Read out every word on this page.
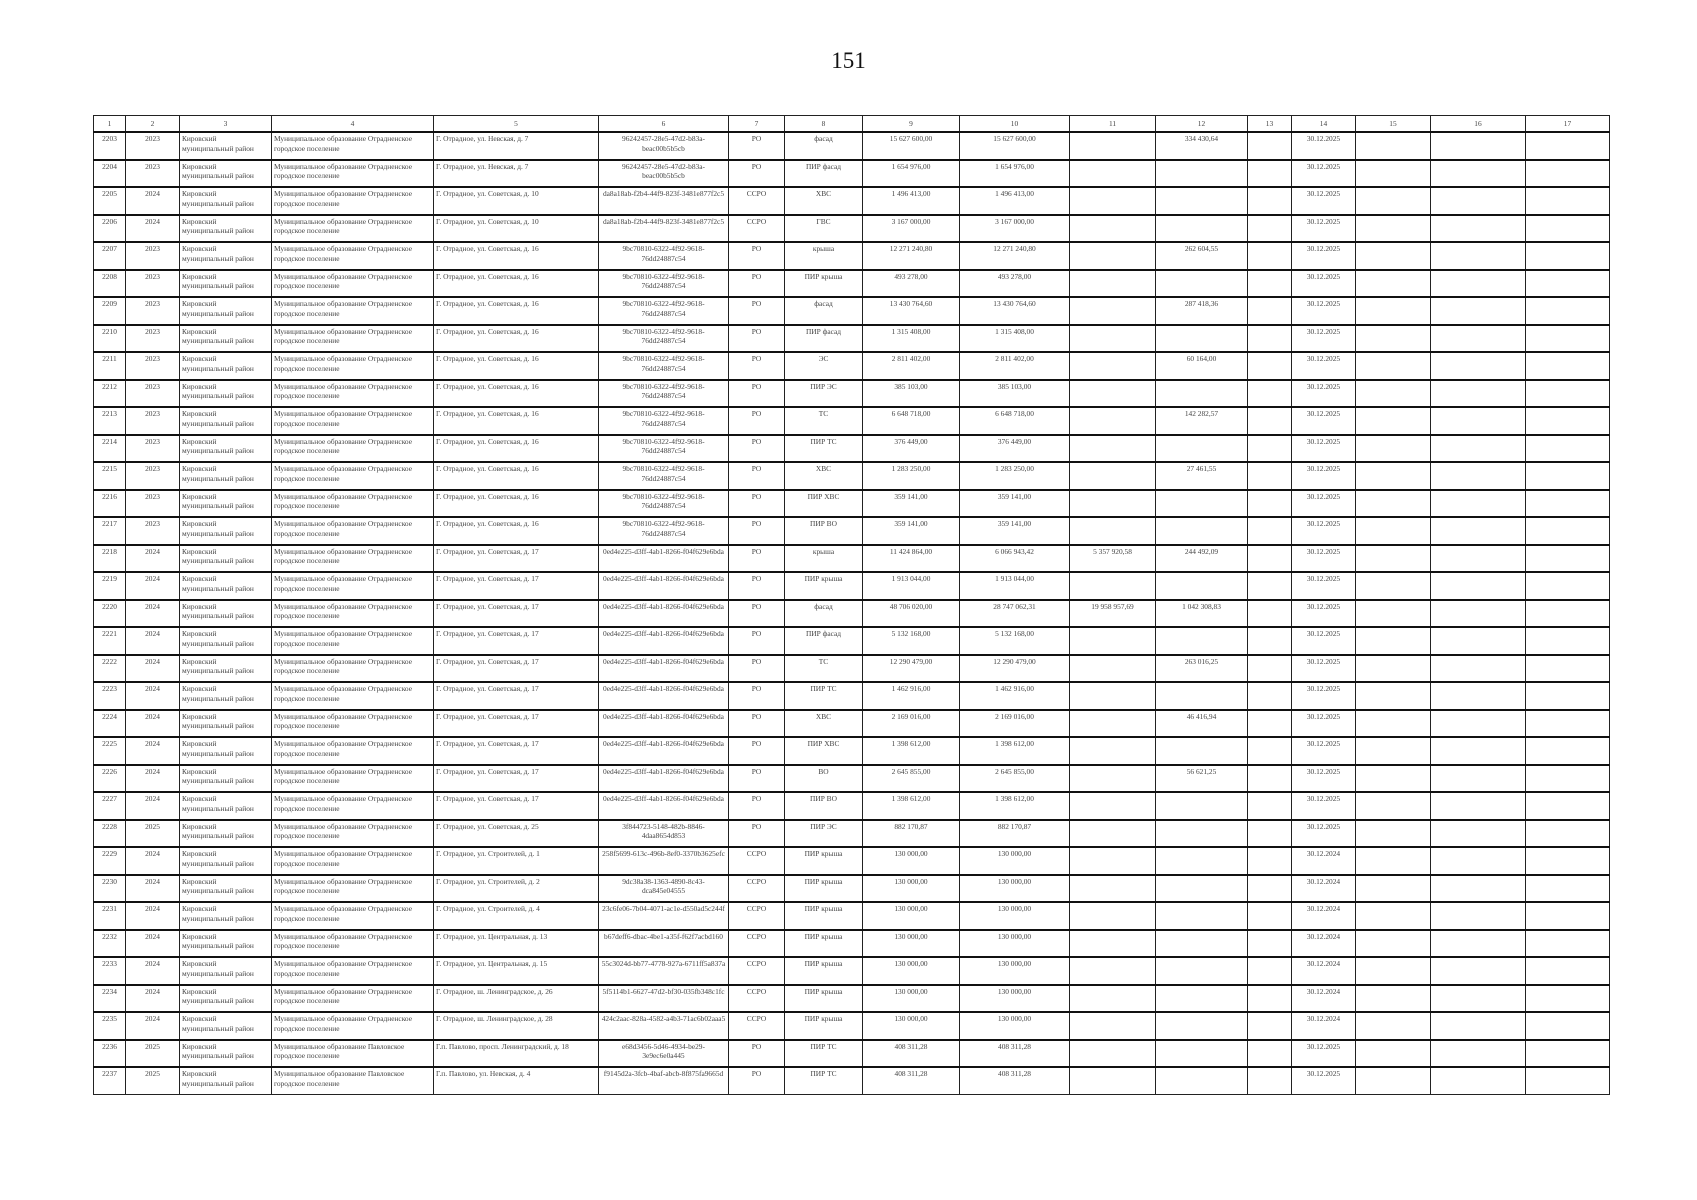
151
1	2	3	4	5	6	7	8	9	10	11	12	13	14	15	16	17
2203	2023	Кировский муниципальный район	Муниципальное образование Отрадненское городское поселение	Г. Отрадное, ул. Невская, д. 7	96242457-28e5-47d2-b83a-beac00b5b5cb	РО	фасад	15 627 600,00	15 627 600,00		334 430,64		30.12.2025			
2204	2023	Кировский муниципальный район	Муниципальное образование Отрадненское городское поселение	Г. Отрадное, ул. Невская, д. 7	96242457-28e5-47d2-b83a-beac00b5b5cb	РО	ПИР фасад	1 654 976,00	1 654 976,00				30.12.2025			
2205	2024	Кировский муниципальный район	Муниципальное образование Отрадненское городское поселение	Г. Отрадное, ул. Советская, д. 10	da8a18ab-f2b4-44f9-823f-3481e877f2c5	ССРО	ХВС	1 496 413,00	1 496 413,00				30.12.2025			
2206	2024	Кировский муниципальный район	Муниципальное образование Отрадненское городское поселение	Г. Отрадное, ул. Советская, д. 10	da8a18ab-f2b4-44f9-823f-3481e877f2c5	ССРО	ГВС	3 167 000,00	3 167 000,00				30.12.2025			
2207	2023	Кировский муниципальный район	Муниципальное образование Отрадненское городское поселение	Г. Отрадное, ул. Советская, д. 16	9bc70810-6322-4f92-9618-76dd24887c54	РО	крыша	12 271 240,80	12 271 240,80		262 604,55		30.12.2025			
2208	2023	Кировский муниципальный район	Муниципальное образование Отрадненское городское поселение	Г. Отрадное, ул. Советская, д. 16	9bc70810-6322-4f92-9618-76dd24887c54	РО	ПИР крыша	493 278,00	493 278,00				30.12.2025			
2209	2023	Кировский муниципальный район	Муниципальное образование Отрадненское городское поселение	Г. Отрадное, ул. Советская, д. 16	9bc70810-6322-4f92-9618-76dd24887c54	РО	фасад	13 430 764,60	13 430 764,60		287 418,36		30.12.2025			
2210	2023	Кировский муниципальный район	Муниципальное образование Отрадненское городское поселение	Г. Отрадное, ул. Советская, д. 16	9bc70810-6322-4f92-9618-76dd24887c54	РО	ПИР фасад	1 315 408,00	1 315 408,00				30.12.2025			
2211	2023	Кировский муниципальный район	Муниципальное образование Отрадненское городское поселение	Г. Отрадное, ул. Советская, д. 16	9bc70810-6322-4f92-9618-76dd24887c54	РО	ЭС	2 811 402,00	2 811 402,00		60 164,00		30.12.2025			
2212	2023	Кировский муниципальный район	Муниципальное образование Отрадненское городское поселение	Г. Отрадное, ул. Советская, д. 16	9bc70810-6322-4f92-9618-76dd24887c54	РО	ПИР ЭС	385 103,00	385 103,00				30.12.2025			
2213	2023	Кировский муниципальный район	Муниципальное образование Отрадненское городское поселение	Г. Отрадное, ул. Советская, д. 16	9bc70810-6322-4f92-9618-76dd24887c54	РО	ТС	6 648 718,00	6 648 718,00		142 282,57		30.12.2025			
2214	2023	Кировский муниципальный район	Муниципальное образование Отрадненское городское поселение	Г. Отрадное, ул. Советская, д. 16	9bc70810-6322-4f92-9618-76dd24887c54	РО	ПИР ТС	376 449,00	376 449,00				30.12.2025			
2215	2023	Кировский муниципальный район	Муниципальное образование Отрадненское городское поселение	Г. Отрадное, ул. Советская, д. 16	9bc70810-6322-4f92-9618-76dd24887c54	РО	ХВС	1 283 250,00	1 283 250,00		27 461,55		30.12.2025			
2216	2023	Кировский муниципальный район	Муниципальное образование Отрадненское городское поселение	Г. Отрадное, ул. Советская, д. 16	9bc70810-6322-4f92-9618-76dd24887c54	РО	ПИР ХВС	359 141,00	359 141,00				30.12.2025			
2217	2023	Кировский муниципальный район	Муниципальное образование Отрадненское городское поселение	Г. Отрадное, ул. Советская, д. 16	9bc70810-6322-4f92-9618-76dd24887c54	РО	ПИР ВО	359 141,00	359 141,00				30.12.2025			
2218	2024	Кировский муниципальный район	Муниципальное образование Отрадненское городское поселение	Г. Отрадное, ул. Советская, д. 17	0ed4e225-d3ff-4ab1-8266-f04f629e6bda	РО	крыша	11 424 864,00	6 066 943,42	5 357 920,58	244 492,09		30.12.2025			
2219	2024	Кировский муниципальный район	Муниципальное образование Отрадненское городское поселение	Г. Отрадное, ул. Советская, д. 17	0ed4e225-d3ff-4ab1-8266-f04f629e6bda	РО	ПИР крыша	1 913 044,00	1 913 044,00				30.12.2025			
2220	2024	Кировский муниципальный район	Муниципальное образование Отрадненское городское поселение	Г. Отрадное, ул. Советская, д. 17	0ed4e225-d3ff-4ab1-8266-f04f629e6bda	РО	фасад	48 706 020,00	28 747 062,31	19 958 957,69	1 042 308,83		30.12.2025			
2221	2024	Кировский муниципальный район	Муниципальное образование Отрадненское городское поселение	Г. Отрадное, ул. Советская, д. 17	0ed4e225-d3ff-4ab1-8266-f04f629e6bda	РО	ПИР фасад	5 132 168,00	5 132 168,00				30.12.2025			
2222	2024	Кировский муниципальный район	Муниципальное образование Отрадненское городское поселение	Г. Отрадное, ул. Советская, д. 17	0ed4e225-d3ff-4ab1-8266-f04f629e6bda	РО	ТС	12 290 479,00	12 290 479,00		263 016,25		30.12.2025			
2223	2024	Кировский муниципальный район	Муниципальное образование Отрадненское городское поселение	Г. Отрадное, ул. Советская, д. 17	0ed4e225-d3ff-4ab1-8266-f04f629e6bda	РО	ПИР ТС	1 462 916,00	1 462 916,00				30.12.2025			
2224	2024	Кировский муниципальный район	Муниципальное образование Отрадненское городское поселение	Г. Отрадное, ул. Советская, д. 17	0ed4e225-d3ff-4ab1-8266-f04f629e6bda	РО	ХВС	2 169 016,00	2 169 016,00		46 416,94		30.12.2025			
2225	2024	Кировский муниципальный район	Муниципальное образование Отрадненское городское поселение	Г. Отрадное, ул. Советская, д. 17	0ed4e225-d3ff-4ab1-8266-f04f629e6bda	РО	ПИР ХВС	1 398 612,00	1 398 612,00				30.12.2025			
2226	2024	Кировский муниципальный район	Муниципальное образование Отрадненское городское поселение	Г. Отрадное, ул. Советская, д. 17	0ed4e225-d3ff-4ab1-8266-f04f629e6bda	РО	ВО	2 645 855,00	2 645 855,00		56 621,25		30.12.2025			
2227	2024	Кировский муниципальный район	Муниципальное образование Отрадненское городское поселение	Г. Отрадное, ул. Советская, д. 17	0ed4e225-d3ff-4ab1-8266-f04f629e6bda	РО	ПИР ВО	1 398 612,00	1 398 612,00				30.12.2025			
2228	2025	Кировский муниципальный район	Муниципальное образование Отрадненское городское поселение	Г. Отрадное, ул. Советская, д. 25	3f844723-5148-482b-8846-4daa8654d853	РО	ПИР ЭС	882 170,87	882 170,87				30.12.2025			
2229	2024	Кировский муниципальный район	Муниципальное образование Отрадненское городское поселение	Г. Отрадное, ул. Строителей, д. 1	258f5699-613c-496b-8ef0-3370b3625efc	ССРО	ПИР крыша	130 000,00	130 000,00				30.12.2024			
2230	2024	Кировский муниципальный район	Муниципальное образование Отрадненское городское поселение	Г. Отрадное, ул. Строителей, д. 2	9dc38a38-1363-4890-8c43-dca845e04555	ССРО	ПИР крыша	130 000,00	130 000,00				30.12.2024			
2231	2024	Кировский муниципальный район	Муниципальное образование Отрадненское городское поселение	Г. Отрадное, ул. Строителей, д. 4	23c6fe06-7b04-4071-ac1e-d550ad5c244f	ССРО	ПИР крыша	130 000,00	130 000,00				30.12.2024			
2232	2024	Кировский муниципальный район	Муниципальное образование Отрадненское городское поселение	Г. Отрадное, ул. Центральная, д. 13	b67deff6-dbac-4be1-a35f-f62f7acbd160	ССРО	ПИР крыша	130 000,00	130 000,00				30.12.2024			
2233	2024	Кировский муниципальный район	Муниципальное образование Отрадненское городское поселение	Г. Отрадное, ул. Центральная, д. 15	55c3024d-bb77-4778-927a-6711ff5a837a	ССРО	ПИР крыша	130 000,00	130 000,00				30.12.2024			
2234	2024	Кировский муниципальный район	Муниципальное образование Отрадненское городское поселение	Г. Отрадное, ш. Ленинградское, д. 26	5f5114b1-6627-47d2-bf30-035fb348c1fc	ССРО	ПИР крыша	130 000,00	130 000,00				30.12.2024			
2235	2024	Кировский муниципальный район	Муниципальное образование Отрадненское городское поселение	Г. Отрадное, ш. Ленинградское, д. 28	424c2aac-828a-4582-a4b3-71ac6b02aaa5	ССРО	ПИР крыша	130 000,00	130 000,00				30.12.2024			
2236	2025	Кировский муниципальный район	Муниципальное образование Павловское городское поселение	Г.п. Павлово, просп. Ленинградский, д. 18	e68d3456-5d46-4934-be29-3e9ec6e0a445	РО	ПИР ТС	408 311,28	408 311,28				30.12.2025			
2237	2025	Кировский муниципальный район	Муниципальное образование Павловское городское поселение	Г.п. Павлово, ул. Невская, д. 4	f9145d2a-3fcb-4baf-abcb-8f875fa9665d	РО	ПИР ТС	408 311,28	408 311,28				30.12.2025			
